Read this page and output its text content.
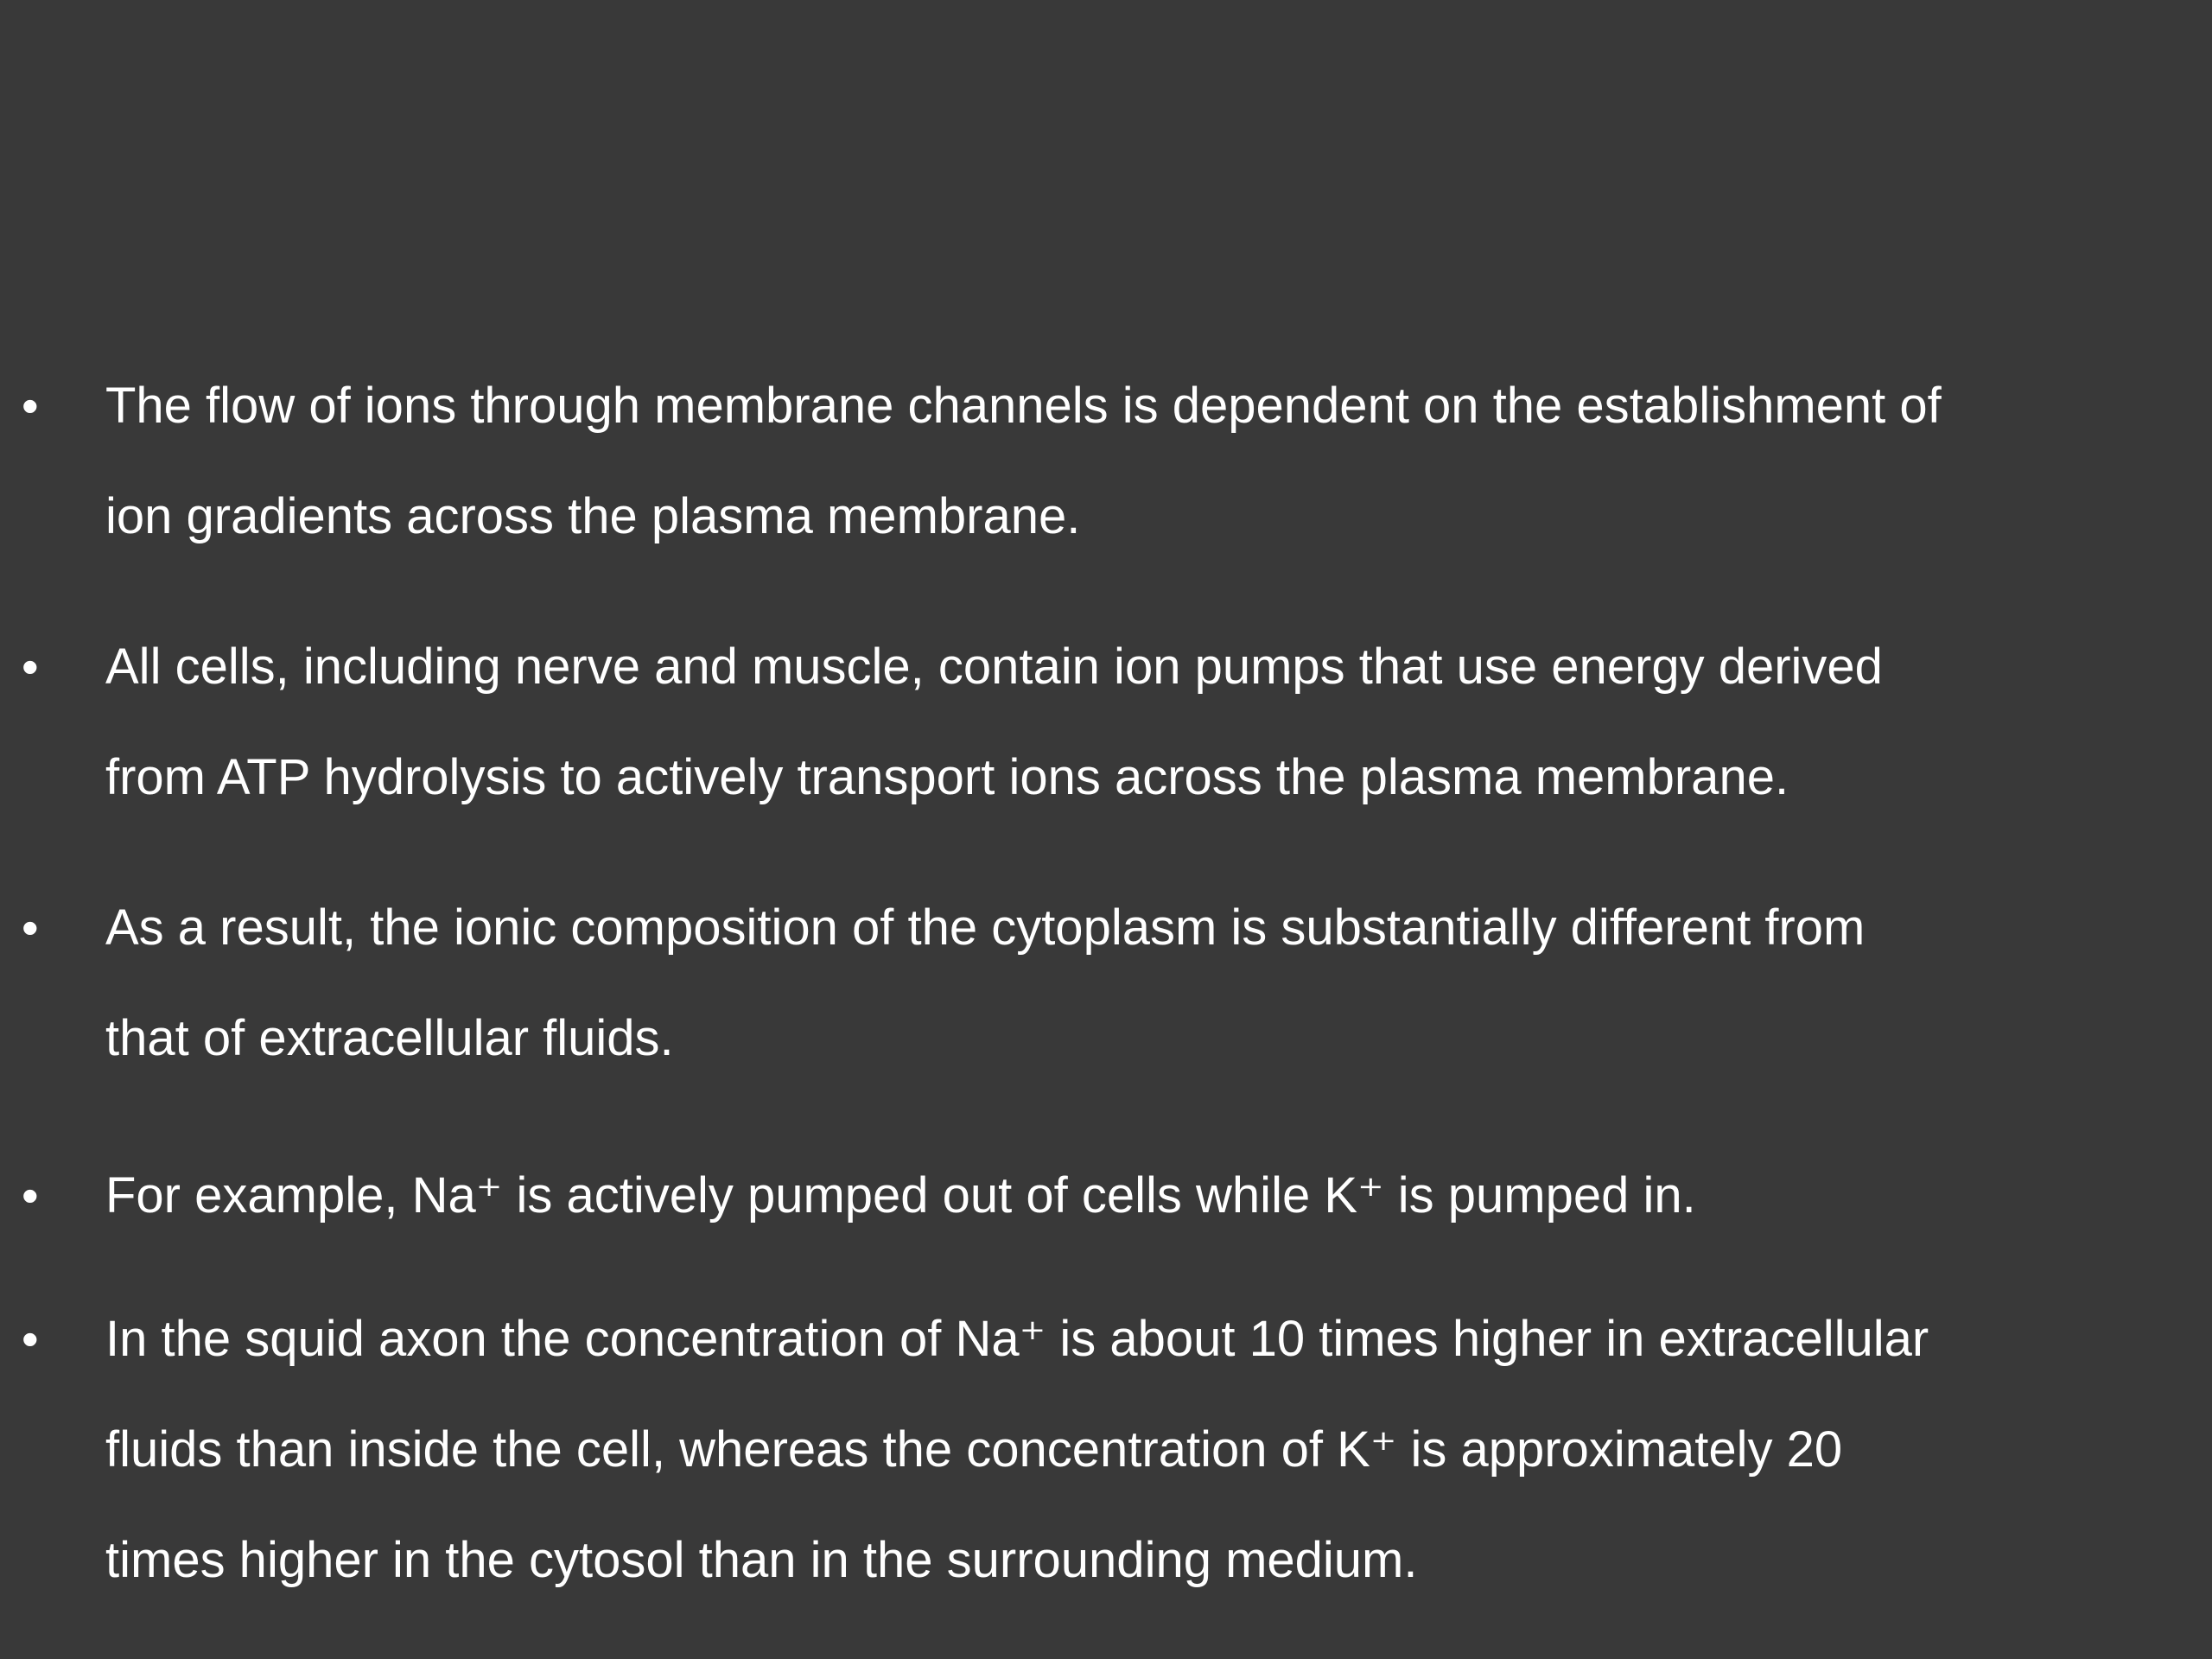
• The flow of ions through membrane channels is dependent on the establishment of
ion gradients across the plasma membrane.
• All cells, including nerve and muscle, contain ion pumps that use energy derived
from ATP hydrolysis to actively transport ions across the plasma membrane.
• As a result, the ionic composition of the cytoplasm is substantially different from
that of extracellular fluids.
• For example, Na⁺ is actively pumped out of cells while K⁺ is pumped in.
• In the squid axon the concentration of Na⁺ is about 10 times higher in extracellular
fluids than inside the cell, whereas the concentration of K⁺ is approximately 20
times higher in the cytosol than in the surrounding medium.
